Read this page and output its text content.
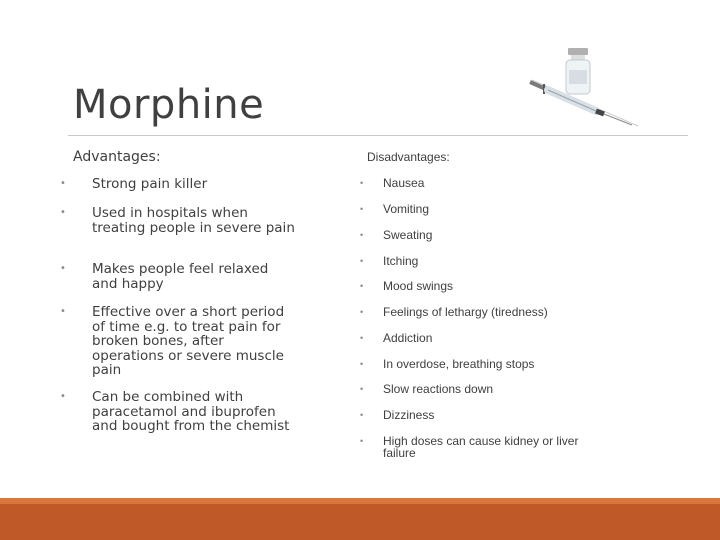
Morphine
Advantages:	Disadvantages:
• Strong pain killer
• Used in hospitals when treating people in severe pain
• Makes people feel relaxed and happy
• Effective over a short period of time e.g. to treat pain for broken bones, after operations or severe muscle pain
• Can be combined with paracetamol and ibuprofen and bought from the chemist
• Nausea
• Vomiting
• Sweating
• Itching
• Mood swings
• Feelings of lethargy (tiredness)
• Addiction
• In overdose, breathing stops
• Slow reactions down
• Dizziness
• High doses can cause kidney or liver failure
